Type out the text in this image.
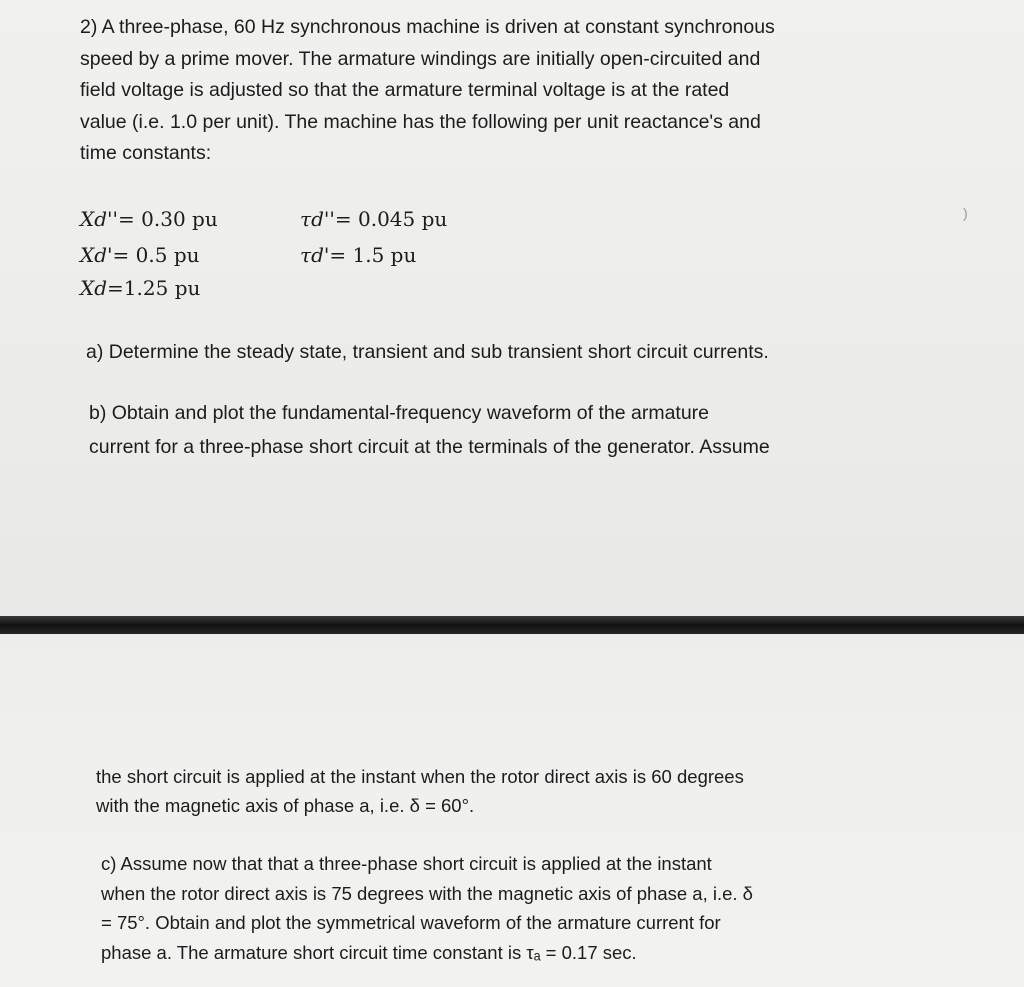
2) A three-phase, 60 Hz synchronous machine is driven at constant synchronous
speed by a prime mover. The armature windings are initially open-circuited and
field voltage is adjusted so that the armature terminal voltage is at the rated
value (i.e. 1.0 per unit). The machine has the following per unit reactance's and
time constants:
Xd''= 0.30 pu
Xd'= 0.5 pu
Xd=1.25 pu
τd''= 0.045 pu
τd'= 1.5 pu
a) Determine the steady state, transient and sub transient short circuit currents.
b) Obtain and plot the fundamental-frequency waveform of the armature
current for a three-phase short circuit at the terminals of the generator. Assume
)
the short circuit is applied at the instant when the rotor direct axis is 60 degrees
with the magnetic axis of phase a, i.e. δ = 60°.
c) Assume now that that a three-phase short circuit is applied at the instant
when the rotor direct axis is 75 degrees with the magnetic axis of phase a, i.e. δ
= 75°. Obtain and plot the symmetrical waveform of the armature current for
phase a. The armature short circuit time constant is τₐ = 0.17 sec.
